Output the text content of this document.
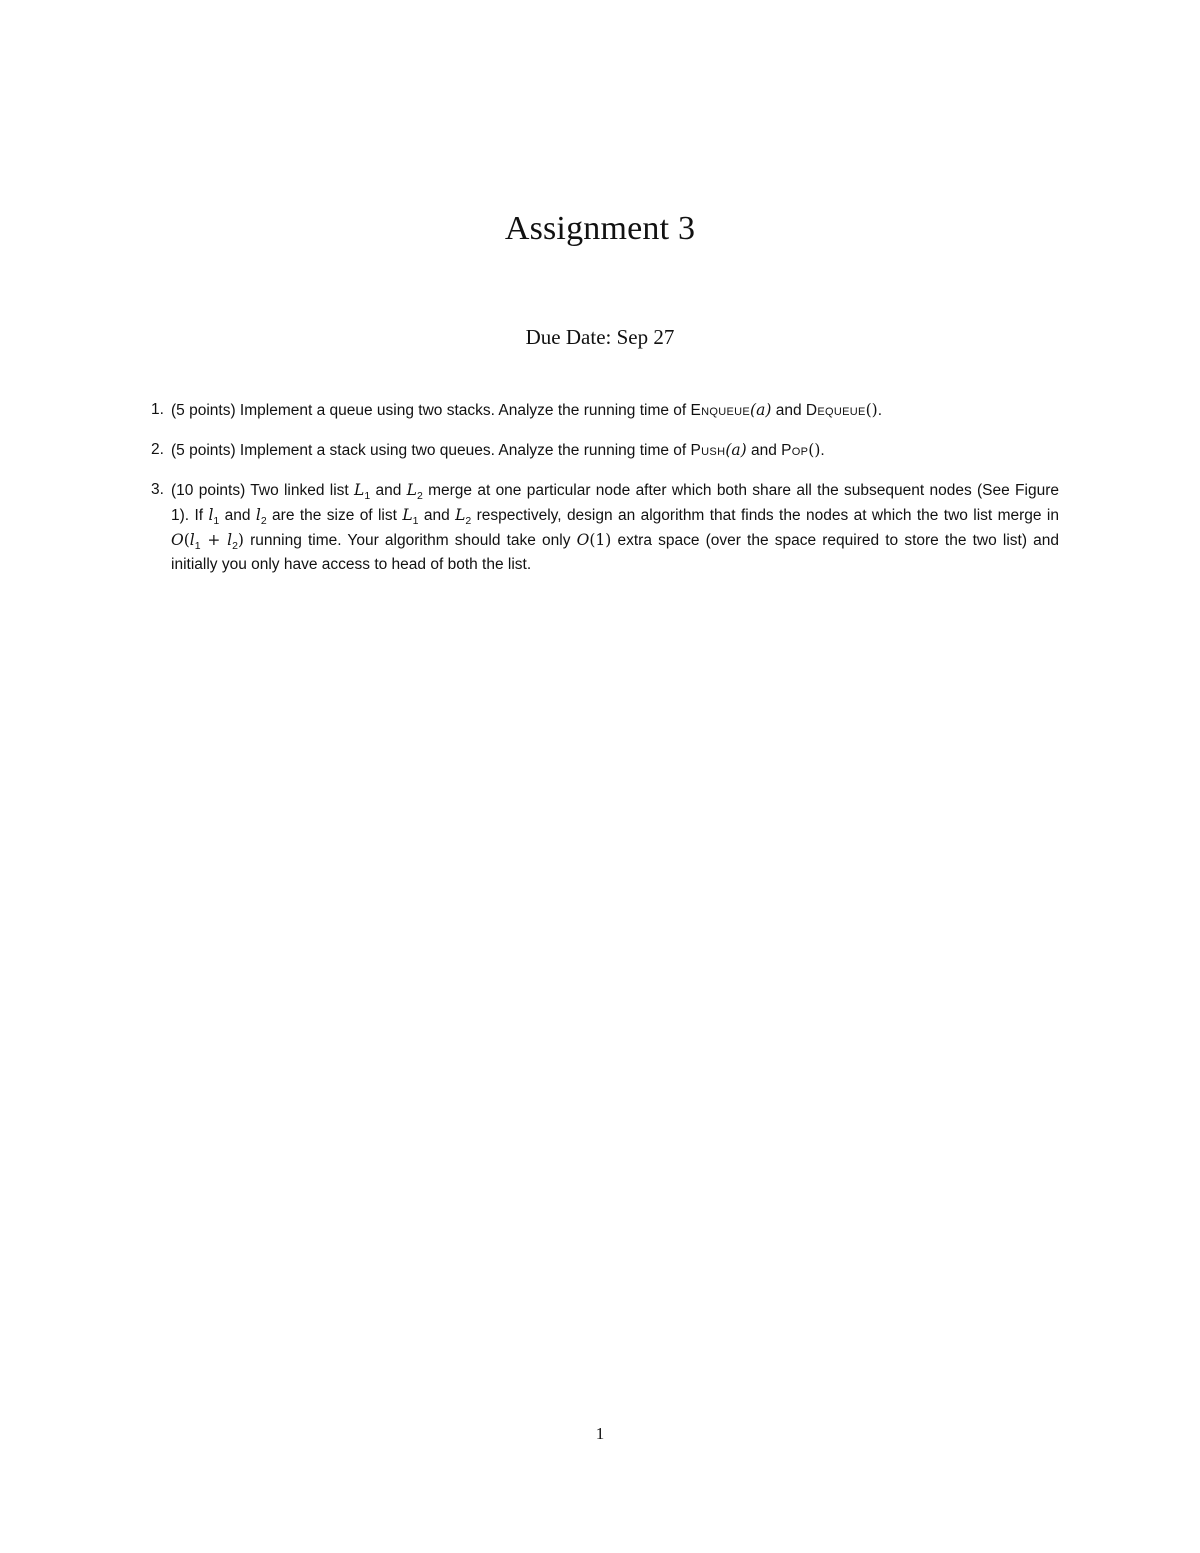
Assignment 3
Due Date: Sep 27
1. (5 points) Implement a queue using two stacks. Analyze the running time of Enqueue(a) and Dequeue().
2. (5 points) Implement a stack using two queues. Analyze the running time of Push(a) and Pop().
3. (10 points) Two linked list $L_1$ and $L_2$ merge at one particular node after which both share all the subsequent nodes (See Figure 1). If $l_1$ and $l_2$ are the size of list $L_1$ and $L_2$ respectively, design an algorithm that finds the nodes at which the two list merge in $O(l_1 + l_2)$ running time. Your algorithm should take only O(1) extra space (over the space required to store the two list) and initially you only have access to head of both the list.
1
